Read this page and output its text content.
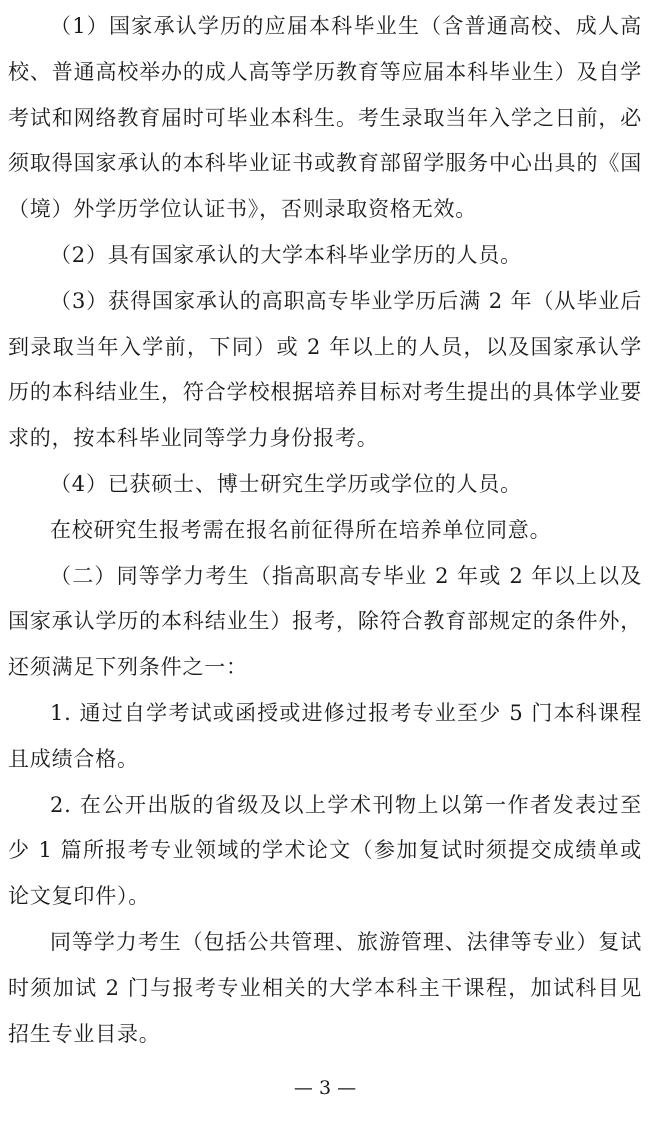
（1）国家承认学历的应届本科毕业生（含普通高校、成人高校、普通高校举办的成人高等学历教育等应届本科毕业生）及自学考试和网络教育届时可毕业本科生。考生录取当年入学之日前，必须取得国家承认的本科毕业证书或教育部留学服务中心出具的《国（境）外学历学位认证书》，否则录取资格无效。

（2）具有国家承认的大学本科毕业学历的人员。

（3）获得国家承认的高职高专毕业学历后满 2 年（从毕业后到录取当年入学前，下同）或 2 年以上的人员，以及国家承认学历的本科结业生，符合学校根据培养目标对考生提出的具体学业要求的，按本科毕业同等学力身份报考。

（4）已获硕士、博士研究生学历或学位的人员。

在校研究生报考需在报名前征得所在培养单位同意。

（二）同等学力考生（指高职高专毕业 2 年或 2 年以上以及国家承认学历的本科结业生）报考，除符合教育部规定的条件外，还须满足下列条件之一：

1. 通过自学考试或函授或进修过报考专业至少 5 门本科课程且成绩合格。

2. 在公开出版的省级及以上学术刊物上以第一作者发表过至少 1 篇所报考专业领域的学术论文（参加复试时须提交成绩单或论文复印件）。

同等学力考生（包括公共管理、旅游管理、法律等专业）复试时须加试 2 门与报考专业相关的大学本科主干课程，加试科目见招生专业目录。

— 3 —
